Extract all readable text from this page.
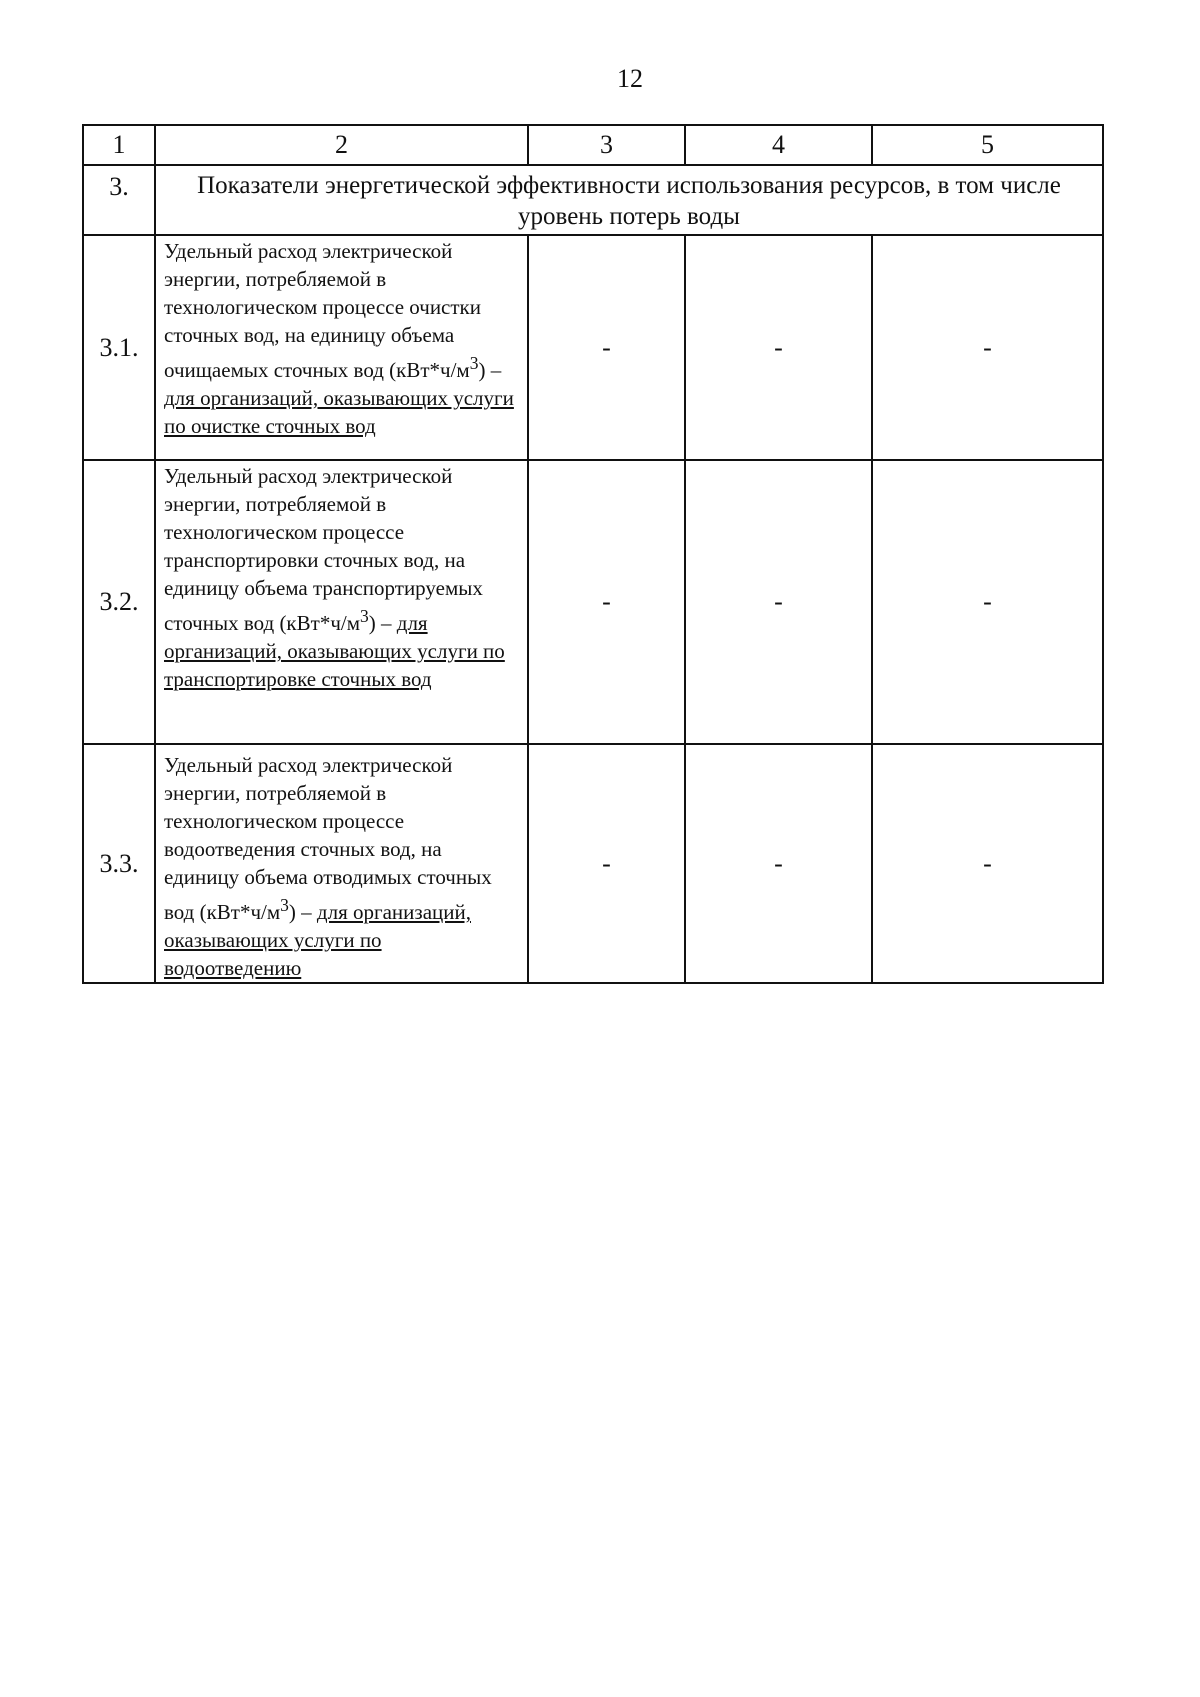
12
1	2	3	4	5
3.	Показатели энергетической эффективности использования ресурсов, в том числе уровень потерь воды			
3.1.	Удельный расход электрической энергии, потребляемой в технологическом процессе очистки сточных вод, на единицу объема очищаемых сточных вод $(кВт*ч/м^3)$ – для организаций, оказывающих услуги по очистке сточных вод	-	-	-
3.2.	Удельный расход электрической энергии, потребляемой в технологическом процессе транспортировки сточных вод, на единицу объема транспортируемых сточных вод $(кВт*ч/м^3)$ – для организаций, оказывающих услуги по транспортировке сточных вод	-	-	-
3.3.	Удельный расход электрической энергии, потребляемой в технологическом процессе водоотведения сточных вод, на единицу объема отводимых сточных вод $(кВт*ч/м^3)$ – для организаций, оказывающих услуги по водоотведению	-	-	-
